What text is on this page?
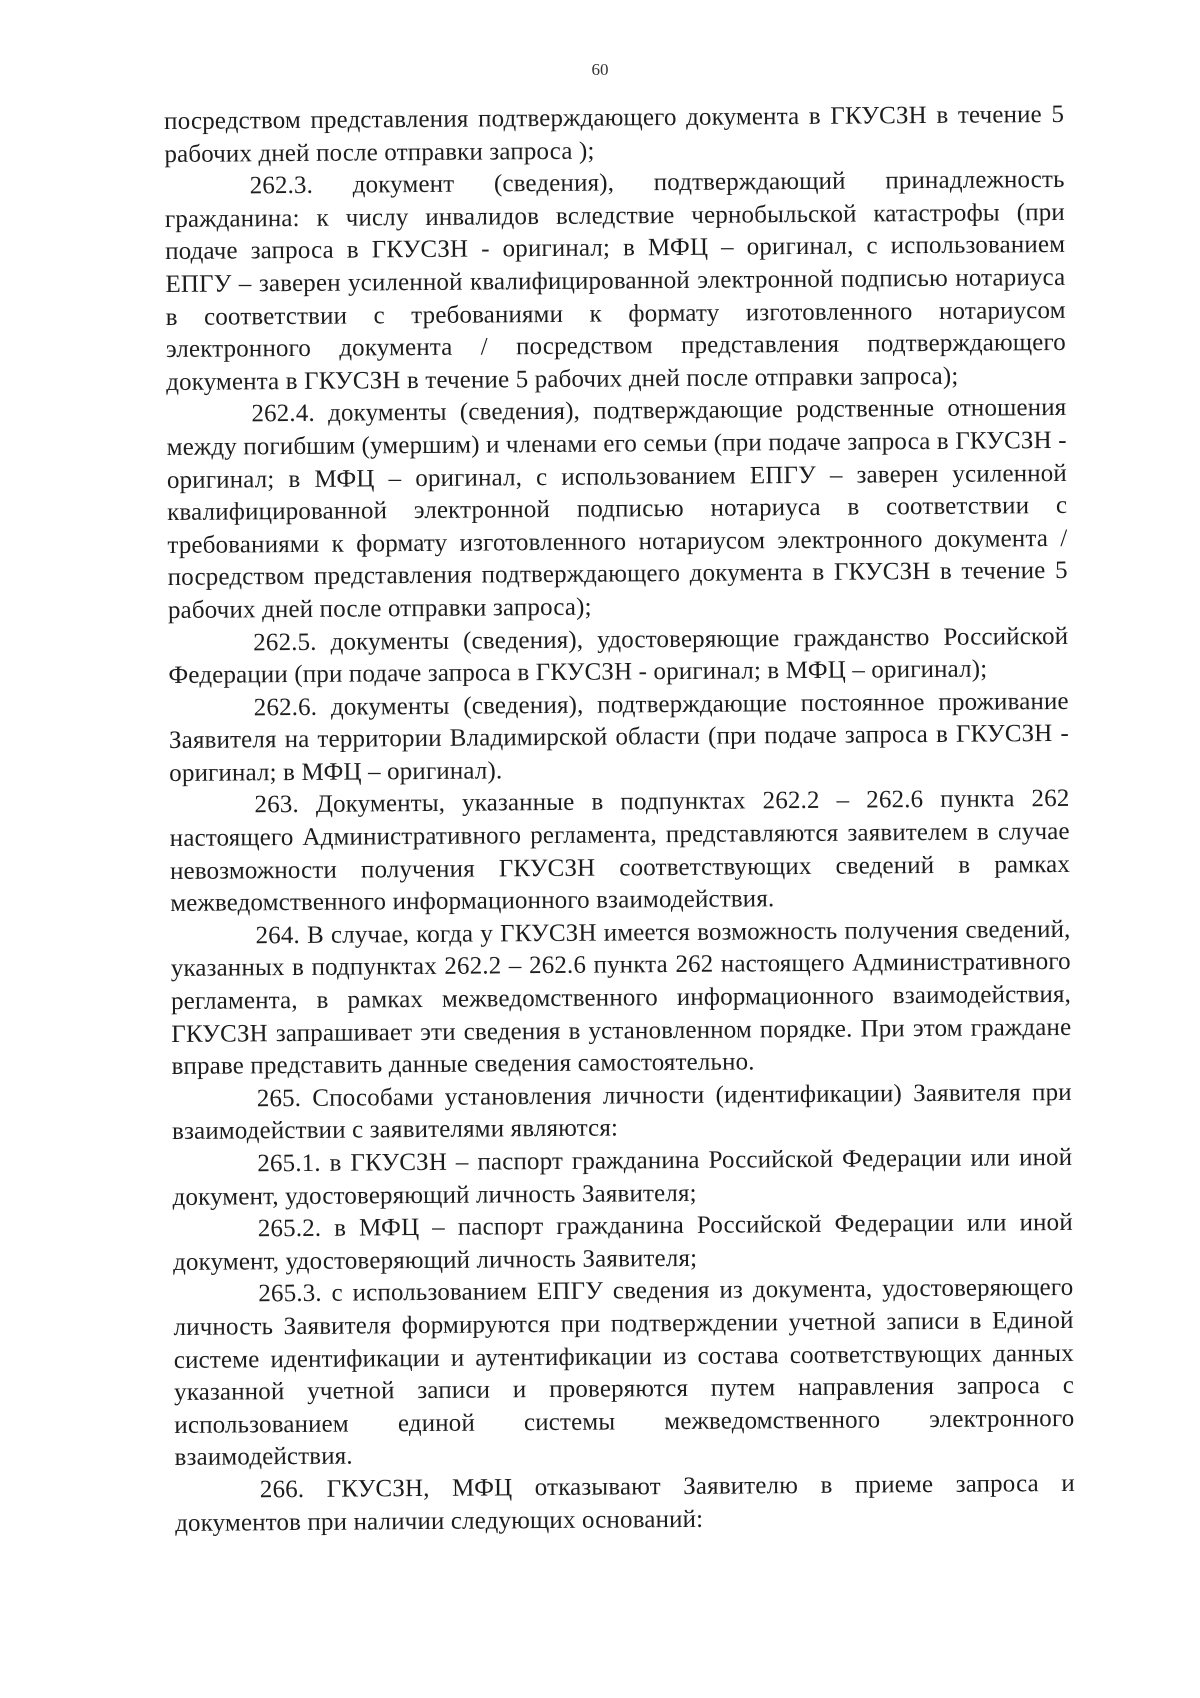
60

посредством представления подтверждающего документа в ГКУСЗН в течение 5 рабочих дней после отправки запроса );

262.3. документ (сведения), подтверждающий принадлежность гражданина: к числу инвалидов вследствие чернобыльской катастрофы (при подаче запроса в ГКУСЗН - оригинал; в МФЦ – оригинал, с использованием ЕПГУ – заверен усиленной квалифицированной электронной подписью нотариуса в соответствии с требованиями к формату изготовленного нотариусом электронного документа / посредством представления подтверждающего документа в ГКУСЗН в течение 5 рабочих дней после отправки запроса);

262.4. документы (сведения), подтверждающие родственные отношения между погибшим (умершим) и членами его семьи (при подаче запроса в ГКУСЗН - оригинал; в МФЦ – оригинал, с использованием ЕПГУ – заверен усиленной квалифицированной электронной подписью нотариуса в соответствии с требованиями к формату изготовленного нотариусом электронного документа / посредством представления подтверждающего документа в ГКУСЗН в течение 5 рабочих дней после отправки запроса);

262.5. документы (сведения), удостоверяющие гражданство Российской Федерации (при подаче запроса в ГКУСЗН - оригинал; в МФЦ – оригинал);

262.6. документы (сведения), подтверждающие постоянное проживание Заявителя на территории Владимирской области (при подаче запроса в ГКУСЗН - оригинал; в МФЦ – оригинал).

263. Документы, указанные в подпунктах 262.2 – 262.6 пункта 262 настоящего Административного регламента, представляются заявителем в случае невозможности получения ГКУСЗН соответствующих сведений в рамках межведомственного информационного взаимодействия.

264. В случае, когда у ГКУСЗН имеется возможность получения сведений, указанных в подпунктах 262.2 – 262.6 пункта 262 настоящего Административного регламента, в рамках межведомственного информационного взаимодействия, ГКУСЗН запрашивает эти сведения в установленном порядке. При этом граждане вправе представить данные сведения самостоятельно.

265. Способами установления личности (идентификации) Заявителя при взаимодействии с заявителями являются:

265.1. в ГКУСЗН – паспорт гражданина Российской Федерации или иной документ, удостоверяющий личность Заявителя;

265.2. в МФЦ – паспорт гражданина Российской Федерации или иной документ, удостоверяющий личность Заявителя;

265.3. с использованием ЕПГУ сведения из документа, удостоверяющего личность Заявителя формируются при подтверждении учетной записи в Единой системе идентификации и аутентификации из состава соответствующих данных указанной учетной записи и проверяются путем направления запроса с использованием единой системы межведомственного электронного взаимодействия.

266. ГКУСЗН, МФЦ отказывают Заявителю в приеме запроса и документов при наличии следующих оснований:
